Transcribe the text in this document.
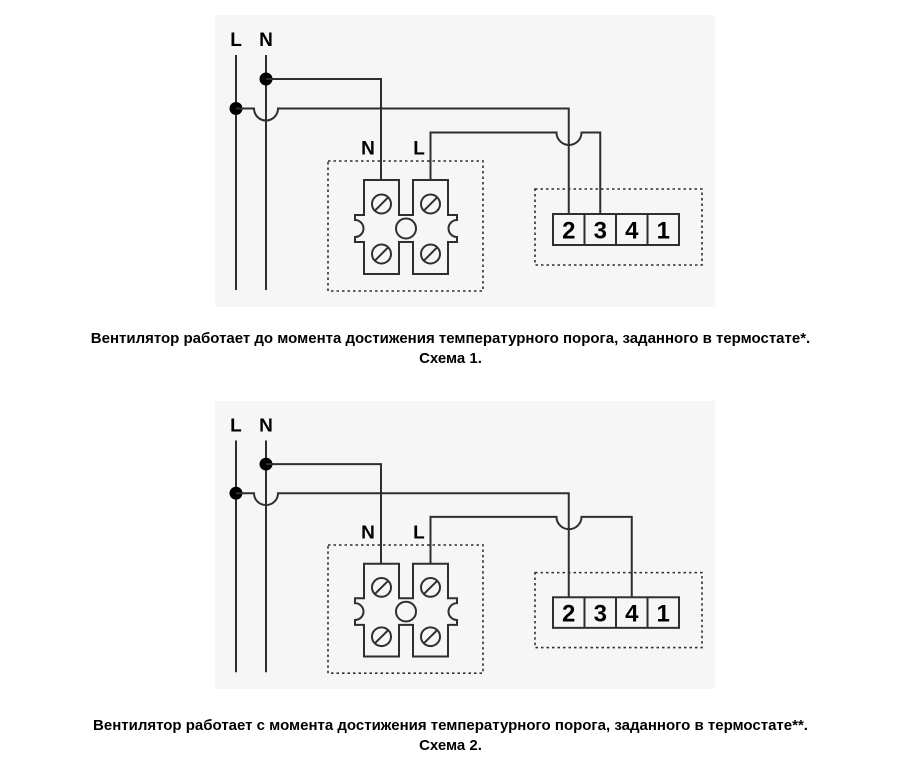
L N
N L
2 3 4 1
Вентилятор работает до момента достижения температурного порога, заданного в термостате*.
Схема 1.
L N
N L
2 3 4 1
Вентилятор работает с момента достижения температурного порога, заданного в термостате**.
Схема 2.
